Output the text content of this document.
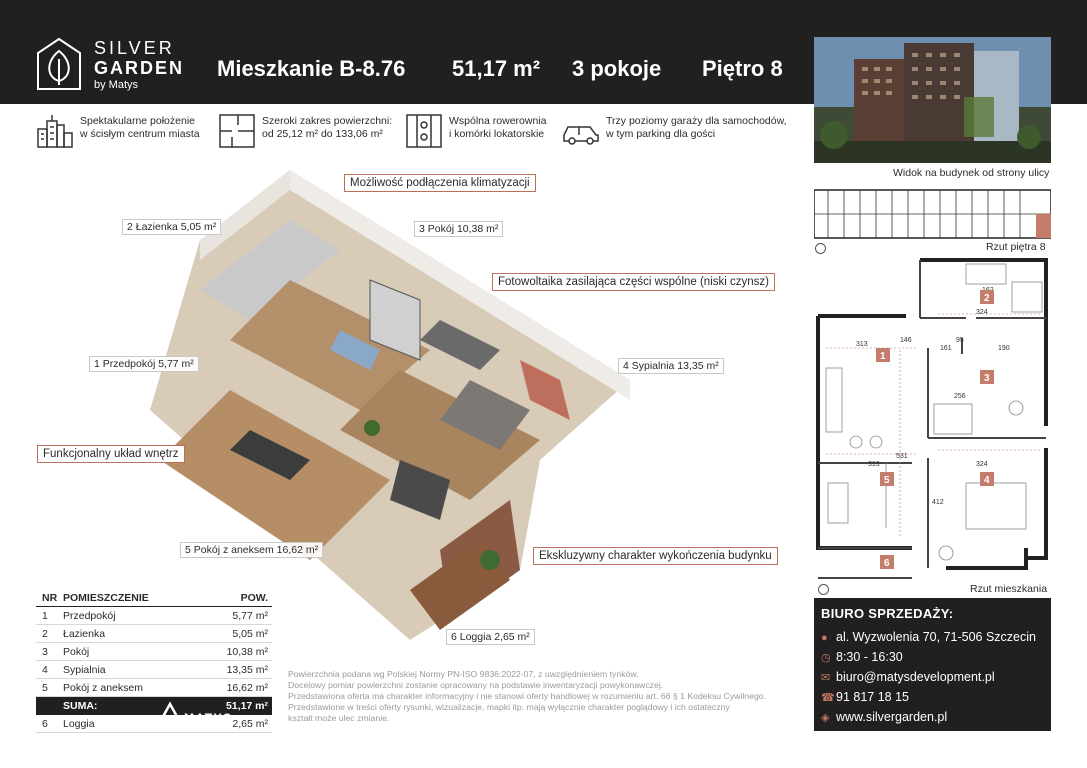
SILVER
GARDEN
by Matys
Mieszkanie B-8.76 51,17 m² 3 pokoje Piętro 8
Widok na budynek od strony ulicy
Spektakularne położenie
w ścisłym centrum miasta
Szeroki zakres powierzchni:
od 25,12 m² do 133,06 m²
Wspólna rowerownia
i komórki lokatorskie
Trzy poziomy garaży dla samochodów,
w tym parking dla gości
Rzut piętra 8
324
95
161	190
313
146
256
313	324
531
412
1
2
3
4
5
6
Rzut mieszkania
Możliwość podłączenia klimatyzacji
Fotowoltaika zasilająca części wspólne (niski czynsz)
Funkcjonalny układ wnętrz
Ekskluzywny charakter wykończenia budynku
2 Łazienka 5,05 m²	3 Pokój 10,38 m²
1 Przedpokój 5,77 m²	4 Sypialnia 13,35 m²
5 Pokój z aneksem 16,62 m²
6 Loggia 2,65 m²
NR POMIESZCZENIE	POW.
1 Przedpokój	5,77 m²
2 Łazienka	5,05 m²
3 Pokój	10,38 m²
4 Sypialnia	13,35 m²
5 Pokój z aneksem	16,62 m²
SUMA:	51,17 m²
6 Loggia	2,65 m²
Powierzchnia podana wg Polskiej Normy PN-ISO 9836:2022-07, z uwzględnieniem tynków.
Docelowy pomiar powierzchni zostanie opracowany na podstawie inwentaryzacji powykonawczej.
Przedstawiona oferta ma charakter informacyjny i nie stanowi oferty handlowej w rozumieniu art. 66 § 1 Kodeksu Cywilnego.
Przedstawione w treści oferty rysunki, wizualizacje, mapki itp. mają wyłącznie charakter poglądowy i ich ostateczny
kształt może ulec zmianie.
BIURO SPRZEDAŻY:
● al. Wyzwolenia 70, 71-506 Szczecin
◷ 8:30 - 16:30
✉ biuro@matysdevelopment.pl
☎91 817 18 15
◈ www.silvergarden.pl
MATYS
